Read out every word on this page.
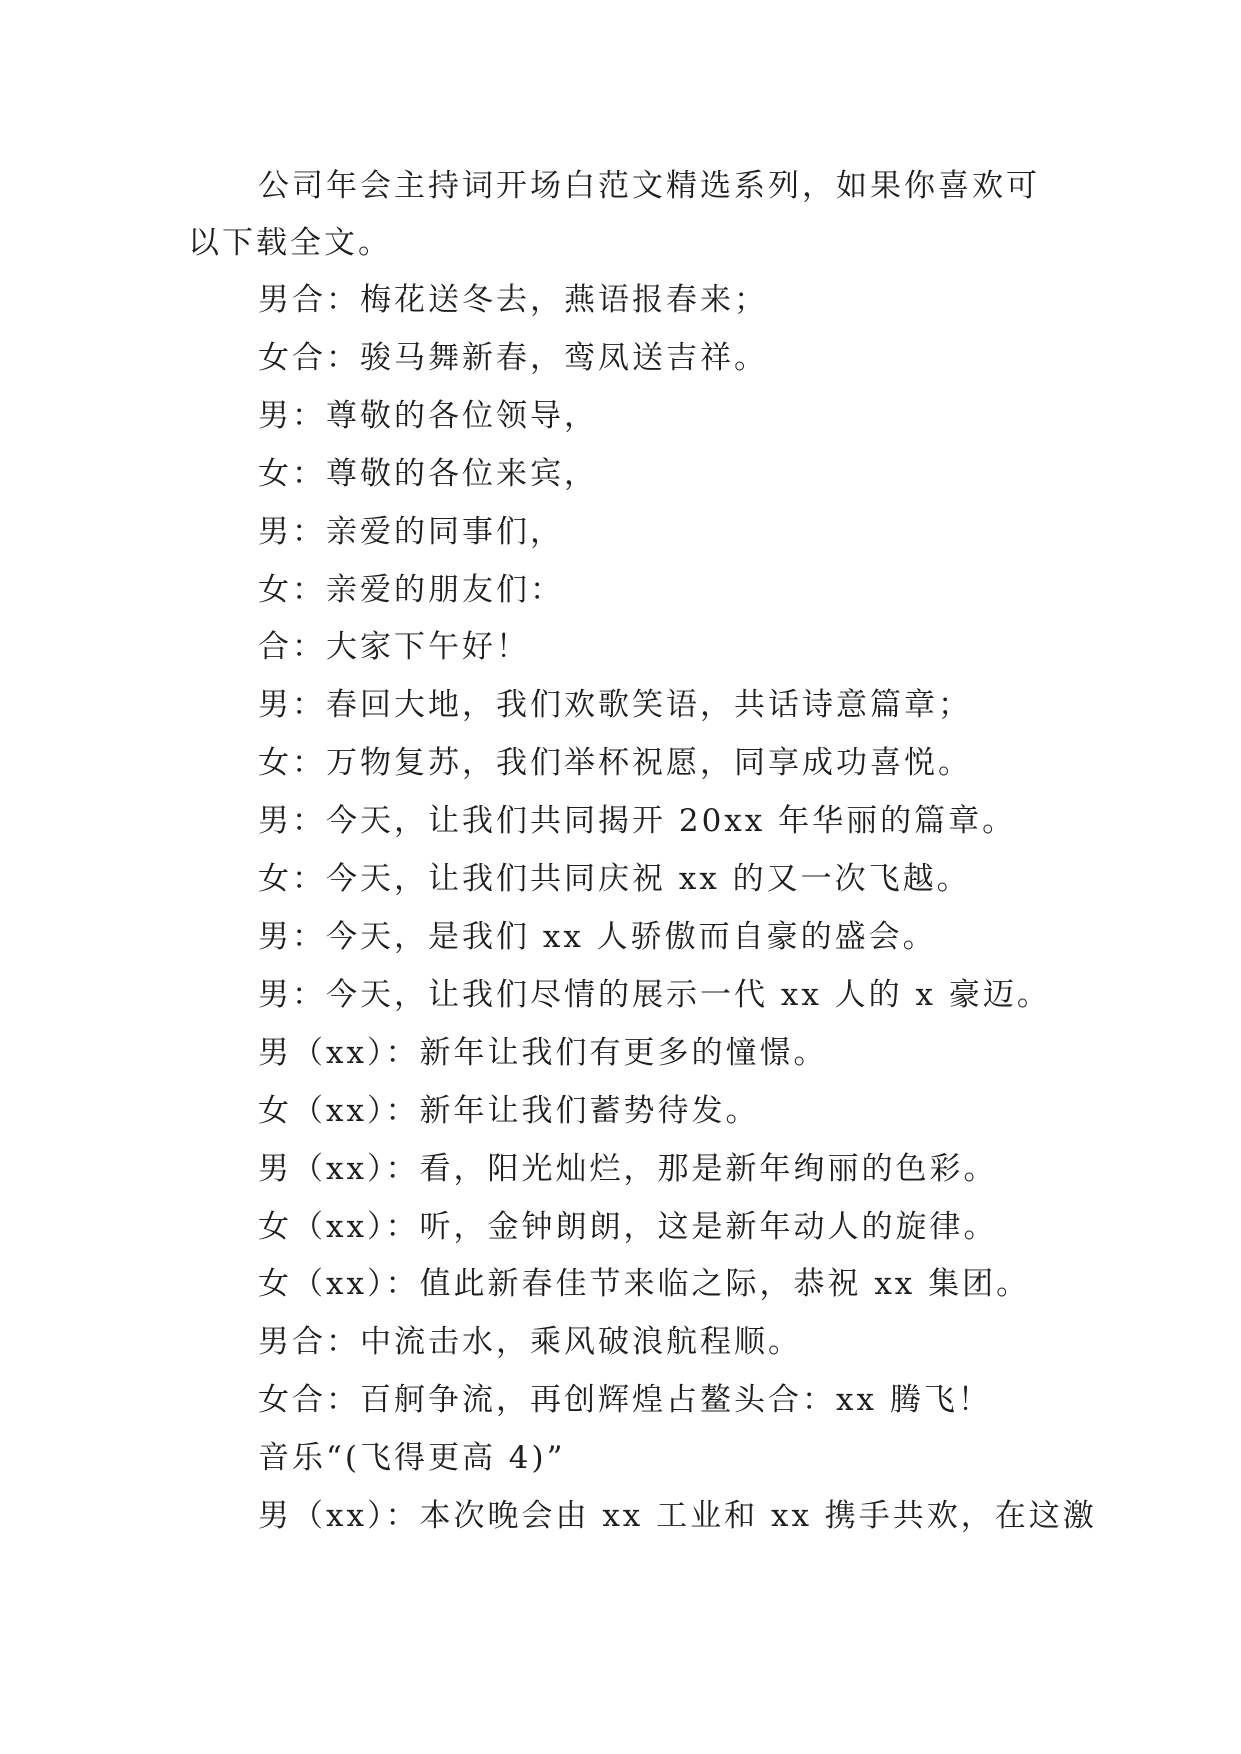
公司年会主持词开场白范文精选系列，如果你喜欢可以下载全文。

男合：梅花送冬去，燕语报春来；

女合：骏马舞新春，鸾凤送吉祥。

男：尊敬的各位领导，

女：尊敬的各位来宾，

男：亲爱的同事们，

女：亲爱的朋友们：

合：大家下午好！

男：春回大地，我们欢歌笑语，共话诗意篇章；

女：万物复苏，我们举杯祝愿，同享成功喜悦。

男：今天，让我们共同揭开 20xx 年华丽的篇章。

女：今天，让我们共同庆祝 xx 的又一次飞越。

男：今天，是我们 xx 人骄傲而自豪的盛会。

男：今天，让我们尽情的展示一代 xx 人的 x 豪迈。

男（xx）：新年让我们有更多的憧憬。

女（xx）：新年让我们蓄势待发。

男（xx）：看，阳光灿烂，那是新年绚丽的色彩。

女（xx）：听，金钟朗朗，这是新年动人的旋律。

女（xx）：值此新春佳节来临之际，恭祝 xx 集团。

男合：中流击水，乘风破浪航程顺。

女合：百舸争流，再创辉煌占鳌头合：xx 腾飞！

音乐“(飞得更高 4)”

男（xx）：本次晚会由 xx 工业和 xx 携手共欢，在这激
